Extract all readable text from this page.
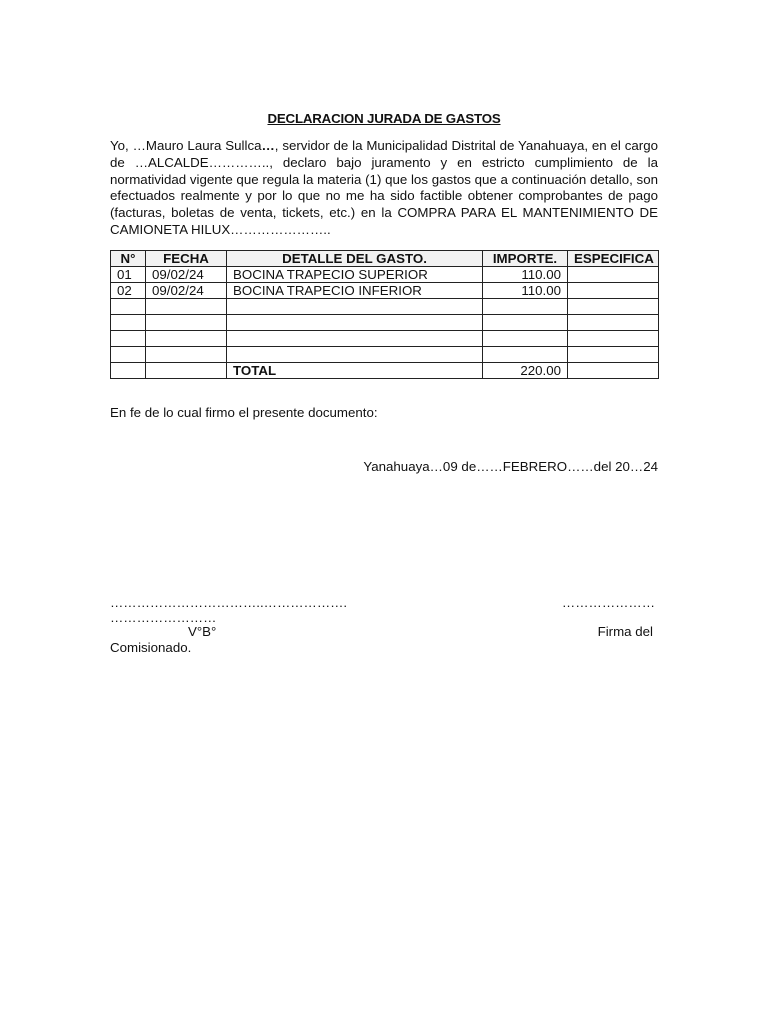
DECLARACION JURADA DE GASTOS
Yo, …Mauro Laura Sullca…, servidor de la Municipalidad Distrital de Yanahuaya, en el cargo de …ALCALDE………….., declaro bajo juramento y en estricto cumplimiento de la normatividad vigente que regula la materia (1) que los gastos que a continuación detallo, son efectuados realmente y por lo que no me ha sido factible obtener comprobantes de pago (facturas, boletas de venta, tickets, etc.) en la COMPRA PARA EL MANTENIMIENTO DE CAMIONETA HILUX…………………..
N°	FECHA	DETALLE DEL GASTO.	IMPORTE.	ESPECIFICA
01	09/02/24	BOCINA TRAPECIO SUPERIOR	110.00	
02	09/02/24	BOCINA TRAPECIO INFERIOR	110.00	

		TOTAL	220.00	
En fe de lo cual firmo el presente documento:
Yanahuaya…09 de……FEBRERO……del 20…24
……………………………..……………….	…………………
……………………
V°B°	Firma del
Comisionado.
